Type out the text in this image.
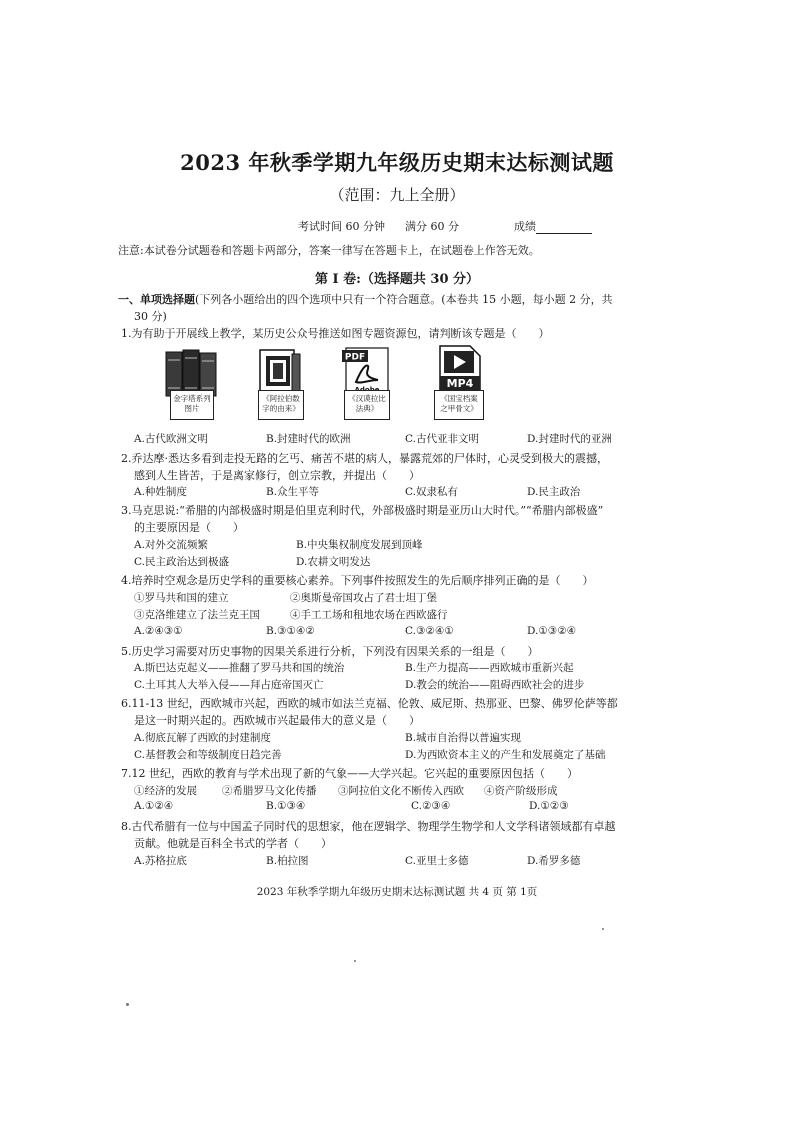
2023 年秋季学期九年级历史期末达标测试题
（范围：九上全册）
考试时间 60 分钟 满分 60 分	成绩
注意:本试卷分试题卷和答题卡两部分，答案一律写在答题卡上，在试题卷上作答无效。
第 I 卷:（选择题共 30 分）
一、单项选择题(下列各小题给出的四个选项中只有一个符合题意。(本卷共 15 小题，每小题 2 分，共
30 分)
1.为有助于开展线上教学，某历史公众号推送如图专题资源包，请判断该专题是（　　）
金字塔系列图片
《阿拉伯数字的由来》
PDF
《汉谟拉比法典》
MP4
《国宝档案之甲骨文》
A.古代欧洲文明	B.封建时代的欧洲	C.古代亚非文明	D.封建时代的亚洲
2.乔达摩·悉达多看到走投无路的乞丐、痛苦不堪的病人，暴露荒郊的尸体时，心灵受到极大的震撼，
感到人生皆苦，于是离家修行，创立宗教，并提出（　　）
A.种姓制度	B.众生平等	C.奴隶私有	D.民主政治
3.马克思说:“希腊的内部极盛时期是伯里克利时代，外部极盛时期是亚历山大时代。”“希腊内部极盛”
的主要原因是（　　）
A.对外交流频繁	B.中央集权制度发展到顶峰
C.民主政治达到极盛	D.农耕文明发达
4.培养时空观念是历史学科的重要核心素养。下列事件按照发生的先后顺序排列正确的是（　　）
①罗马共和国的建立	②奥斯曼帝国攻占了君士坦丁堡
③克洛维建立了法兰克王国	④手工工场和租地农场在西欧盛行
A.②④③①	B.③①④②	C.③②④①	D.①③②④
5.历史学习需要对历史事物的因果关系进行分析，下列没有因果关系的一组是（　　）
A.斯巴达克起义——推翻了罗马共和国的统治	B.生产力提高——西欧城市重新兴起
C.土耳其人大举入侵——拜占庭帝国灭亡	D.教会的统治——阻碍西欧社会的进步
6.11-13 世纪，西欧城市兴起，西欧的城市如法兰克福、伦敦、威尼斯、热那亚、巴黎、佛罗伦萨等都
是这一时期兴起的。西欧城市兴起最伟大的意义是（　　）
A.彻底瓦解了西欧的封建制度	B.城市自治得以普遍实现
C.基督教会和等级制度日趋完善	D.为西欧资本主义的产生和发展奠定了基础
7.12 世纪，西欧的教育与学术出现了新的气象——大学兴起。它兴起的重要原因包括（　　）
①经济的发展 ②希腊罗马文化传播 ③阿拉伯文化不断传入西欧 ④资产阶级形成
A.①②④	B.①③④	C.②③④	D.①②③
8.古代希腊有一位与中国孟子同时代的思想家，他在逻辑学、物理学生物学和人文学科诸领域都有卓越
贡献。他就是百科全书式的学者（　　）
A.苏格拉底	B.柏拉图	C.亚里士多德	D.希罗多德
2023 年秋季学期九年级历史期末达标测试题 共 4 页 第 1页
